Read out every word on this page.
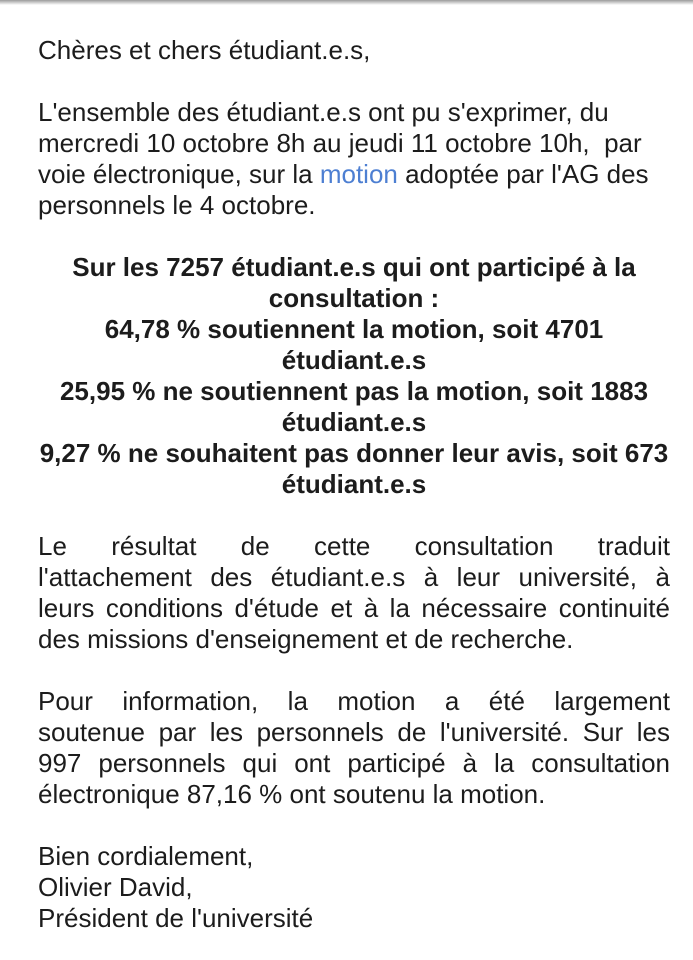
Chères et chers étudiant.e.s,

L'ensemble des étudiant.e.s ont pu s'exprimer, du
mercredi 10 octobre 8h au jeudi 11 octobre 10h,  par
voie électronique, sur la motion adoptée par l'AG des
personnels le 4 octobre.

Sur les 7257 étudiant.e.s qui ont participé à la
consultation :
64,78 % soutiennent la motion, soit 4701
étudiant.e.s
25,95 % ne soutiennent pas la motion, soit 1883
étudiant.e.s
9,27 % ne souhaitent pas donner leur avis, soit 673
étudiant.e.s

Le résultat de cette consultation traduit
l'attachement des étudiant.e.s à leur université, à
leurs conditions d'étude et à la nécessaire continuité
des missions d'enseignement et de recherche.

Pour information, la motion a été largement
soutenue par les personnels de l'université. Sur les
997 personnels qui ont participé à la consultation
électronique 87,16 % ont soutenu la motion.

Bien cordialement,
Olivier David,
Président de l'université
